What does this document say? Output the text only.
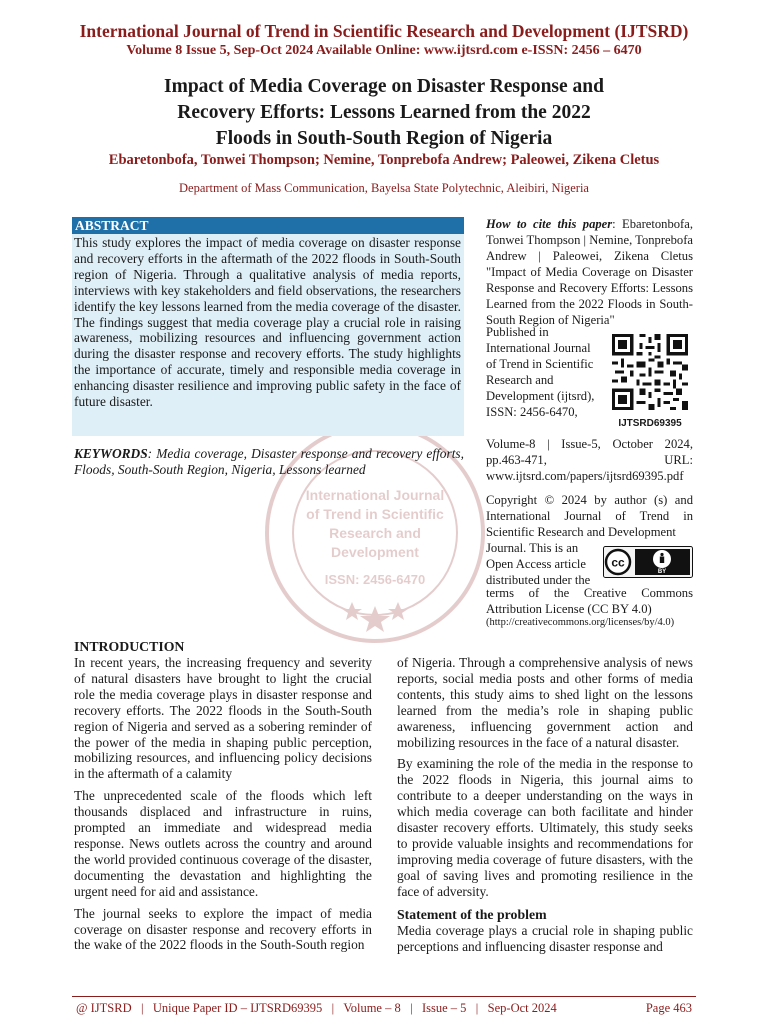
International Journal of Trend in Scientific Research and Development (IJTSRD)
Volume 8 Issue 5, Sep-Oct 2024 Available Online: www.ijtsrd.com e-ISSN: 2456 – 6470
Impact of Media Coverage on Disaster Response and
Recovery Efforts: Lessons Learned from the 2022
Floods in South-South Region of Nigeria
Ebaretonbofa, Tonwei Thompson; Nemine, Tonprebofa Andrew; Paleowei, Zikena Cletus
Department of Mass Communication, Bayelsa State Polytechnic, Aleibiri, Nigeria
International Journal
of Trend in Scientific
Research and
Development
ISSN: 2456-6470
ABSTRACT
This study explores the impact of media coverage on disaster response and recovery efforts in the aftermath of the 2022 floods in South-South region of Nigeria. Through a qualitative analysis of media reports, interviews with key stakeholders and field observations, the researchers identify the key lessons learned from the media coverage of the disaster. The findings suggest that media coverage play a crucial role in raising awareness, mobilizing resources and influencing government action during the disaster response and recovery efforts. The study highlights the importance of accurate, timely and responsible media coverage in enhancing disaster resilience and improving public safety in the face of future disaster.
KEYWORDS: Media coverage, Disaster response and recovery efforts, Floods, South-South Region, Nigeria, Lessons learned
How to cite this paper: Ebaretonbofa, Tonwei Thompson | Nemine, Tonprebofa Andrew | Paleowei, Zikena Cletus "Impact of Media Coverage on Disaster Response and Recovery Efforts: Lessons Learned from the 2022 Floods in South-South Region of Nigeria"
Published in International Journal of Trend in Scientific Research and Development (ijtsrd), ISSN: 2456-6470,
IJTSRD69395
Volume-8 | Issue-5, October 2024, pp.463-471, URL: www.ijtsrd.com/papers/ijtsrd69395.pdf
Copyright © 2024 by author (s) and International Journal of Trend in Scientific Research and Development
Journal. This is an Open Access article distributed under the
cc
BY
terms of the Creative Commons Attribution License (CC BY 4.0)
(http://creativecommons.org/licenses/by/4.0)
INTRODUCTION

In recent years, the increasing frequency and severity of natural disasters have brought to light the crucial role the media coverage plays in disaster response and recovery efforts. The 2022 floods in the South-South region of Nigeria and served as a sobering reminder of the power of the media in shaping public perception, mobilizing resources, and influencing policy decisions in the aftermath of a calamity

The unprecedented scale of the floods which left thousands displaced and infrastructure in ruins, prompted an immediate and widespread media response. News outlets across the country and around the world provided continuous coverage of the disaster, documenting the devastation and highlighting the urgent need for aid and assistance.

The journal seeks to explore the impact of media coverage on disaster response and recovery efforts in the wake of the 2022 floods in the South-South region

of Nigeria. Through a comprehensive analysis of news reports, social media posts and other forms of media contents, this study aims to shed light on the lessons learned from the media’s role in shaping public awareness, influencing government action and mobilizing resources in the face of a natural disaster.

By examining the role of the media in the response to the 2022 floods in Nigeria, this journal aims to contribute to a deeper understanding on the ways in which media coverage can both facilitate and hinder disaster recovery efforts. Ultimately, this study seeks to provide valuable insights and recommendations for improving media coverage of future disasters, with the goal of saving lives and promoting resilience in the face of adversity.

Statement of the problem

Media coverage plays a crucial role in shaping public perceptions and influencing disaster response and

@ IJTSRD   |   Unique Paper ID – IJTSRD69395   |   Volume – 8   |   Issue – 5   |   Sep-Oct 2024	Page 463
